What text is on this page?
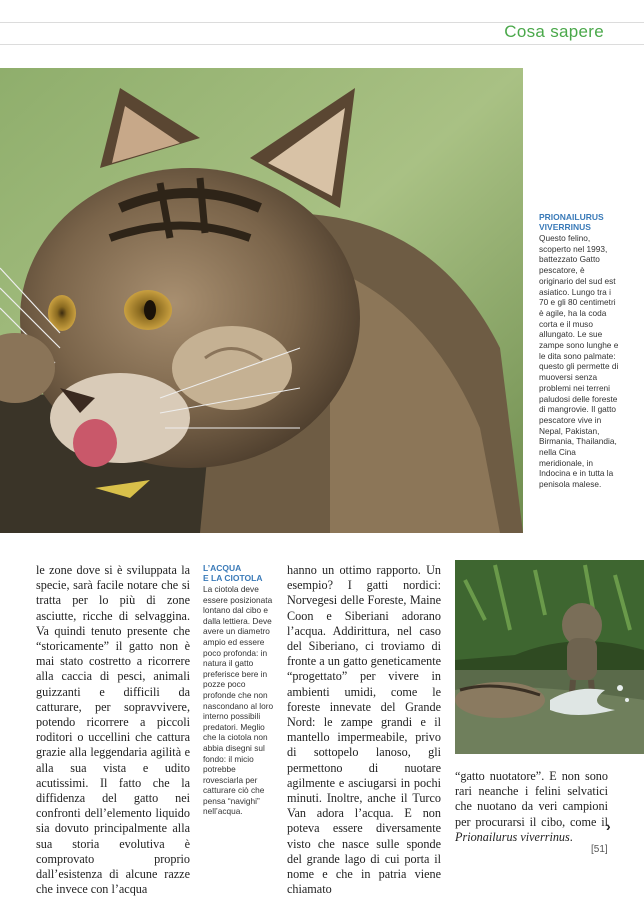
Cosa sapere
PRIONAILURUS
VIVERRINUS
Questo felino, scoperto nel 1993, battezzato Gatto pescatore, è originario del sud est asiatico. Lungo tra i 70 e gli 80 centimetri è agile, ha la coda corta e il muso allungato. Le sue zampe sono lunghe e le dita sono palmate: questo gli permette di muoversi senza problemi nei terreni paludosi delle foreste di mangrovie. Il gatto pescatore vive in Nepal, Pakistan, Birmania, Thailandia, nella Cina meridionale, in Indocina e in tutta la penisola malese.
le zone dove si è sviluppata la specie, sarà facile notare che si tratta per lo più di zone asciutte, ricche di selvaggina. Va quindi tenuto presente che “storicamente” il gatto non è mai stato costretto a ricorrere alla caccia di pesci, animali guizzanti e difficili da catturare, per sopravvivere, potendo ricorrere a piccoli roditori o uccellini che cattura grazie alla leggendaria agilità e alla sua vista e udito acutissimi. Il fatto che la diffidenza del gatto nei confronti dell’elemento liquido sia dovuto principalmente alla sua storia evolutiva è comprovato proprio dall’esistenza di alcune razze che invece con l’acqua
L’ACQUA
E LA CIOTOLA
La ciotola deve essere posizionata lontano dal cibo e dalla lettiera. Deve avere un diametro ampio ed essere poco profonda: in natura il gatto preferisce bere in pozze poco profonde che non nascondano al loro interno possibili predatori. Meglio che la ciotola non abbia disegni sul fondo: il micio potrebbe rovesciarla per catturare ciò che pensa “navighi” nell’acqua.
hanno un ottimo rapporto. Un esempio? I gatti nordici: Norvegesi delle Foreste, Maine Coon e Siberiani adorano l’acqua. Addirittura, nel caso del Siberiano, ci troviamo di fronte a un gatto geneticamente “progettato” per vivere in ambienti umidi, come le foreste innevate del Grande Nord: le zampe grandi e il mantello impermeabile, privo di sottopelo lanoso, gli permettono di nuotare agilmente e asciugarsi in pochi minuti. Inoltre, anche il Turco Van adora l’acqua. E non poteva essere diversamente visto che nasce sulle sponde del grande lago di cui porta il nome e che in patria viene chiamato
“gatto nuotatore”. E non sono rari neanche i felini selvatici che nuotano da veri campioni per procurarsi il cibo, come il Prionailurus viverrinus.
›
[51]
